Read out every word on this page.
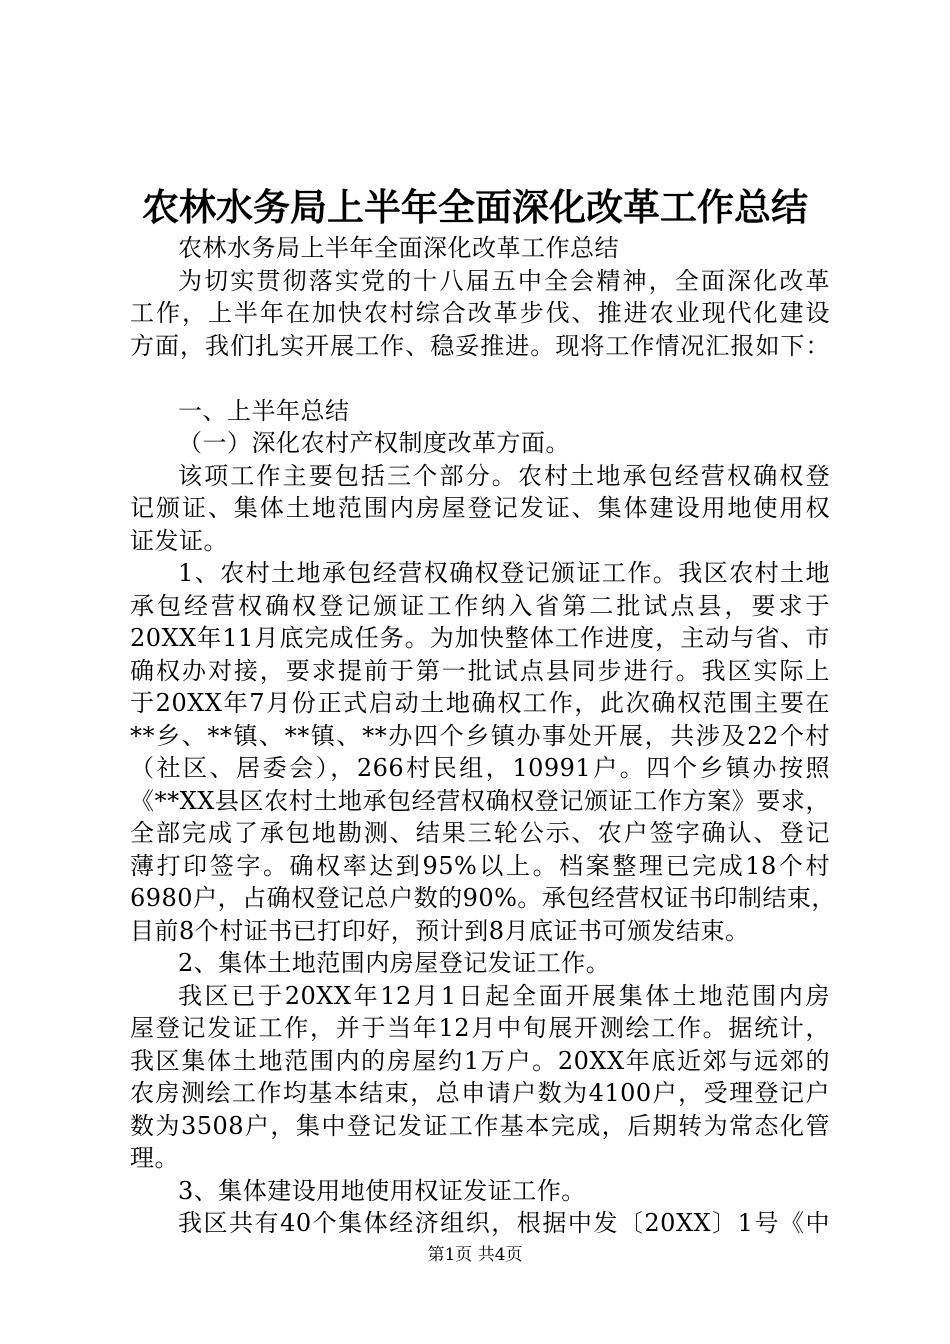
农林水务局上半年全面深化改革工作总结
农林水务局上半年全面深化改革工作总结
为切实贯彻落实党的十八届五中全会精神，全面深化改革
工作，上半年在加快农村综合改革步伐、推进农业现代化建设
方面，我们扎实开展工作、稳妥推进。现将工作情况汇报如下：
一、上半年总结
（一）深化农村产权制度改革方面。
该项工作主要包括三个部分。农村土地承包经营权确权登
记颁证、集体土地范围内房屋登记发证、集体建设用地使用权
证发证。
1、农村土地承包经营权确权登记颁证工作。我区农村土地
承包经营权确权登记颁证工作纳入省第二批试点县，要求于
20XX年11月底完成任务。为加快整体工作进度，主动与省、市
确权办对接，要求提前于第一批试点县同步进行。我区实际上
于20XX年7月份正式启动土地确权工作，此次确权范围主要在
**乡、**镇、**镇、**办四个乡镇办事处开展，共涉及22个村
（社区、居委会），266村民组，10991户。四个乡镇办按照
《**XX县区农村土地承包经营权确权登记颁证工作方案》要求，
全部完成了承包地勘测、结果三轮公示、农户签字确认、登记
薄打印签字。确权率达到95%以上。档案整理已完成18个村
6980户，占确权登记总户数的90%。承包经营权证书印制结束，
目前8个村证书已打印好，预计到8月底证书可颁发结束。
2、集体土地范围内房屋登记发证工作。
我区已于20XX年12月1日起全面开展集体土地范围内房
屋登记发证工作，并于当年12月中旬展开测绘工作。据统计，
我区集体土地范围内的房屋约1万户。20XX年底近郊与远郊的
农房测绘工作均基本结束，总申请户数为4100户，受理登记户
数为3508户，集中登记发证工作基本完成，后期转为常态化管
理。
3、集体建设用地使用权证发证工作。
我区共有40个集体经济组织，根据中发〔20XX〕1号《中
第1页 共4页
